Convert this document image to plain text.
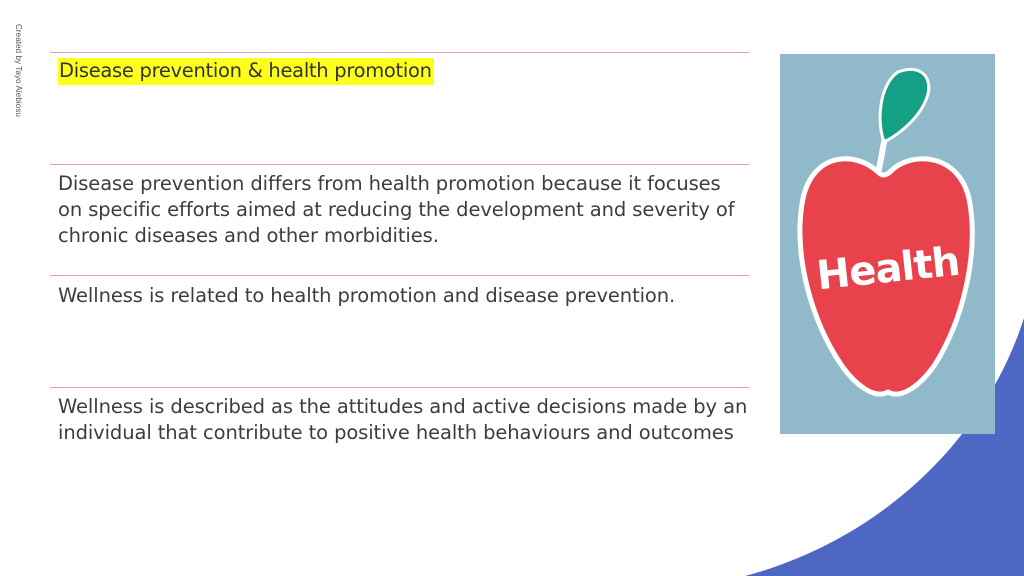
Created by Tayo Alebiosu Disease prevention & health promotion
Disease prevention differs from health promotion because it focuses on specific efforts aimed at reducing the development and severity of chronic diseases and other morbidities.
Wellness is related to health promotion and disease prevention.
Wellness is described as the attitudes and active decisions made by an individual that contribute to positive health behaviours and outcomes
Health
